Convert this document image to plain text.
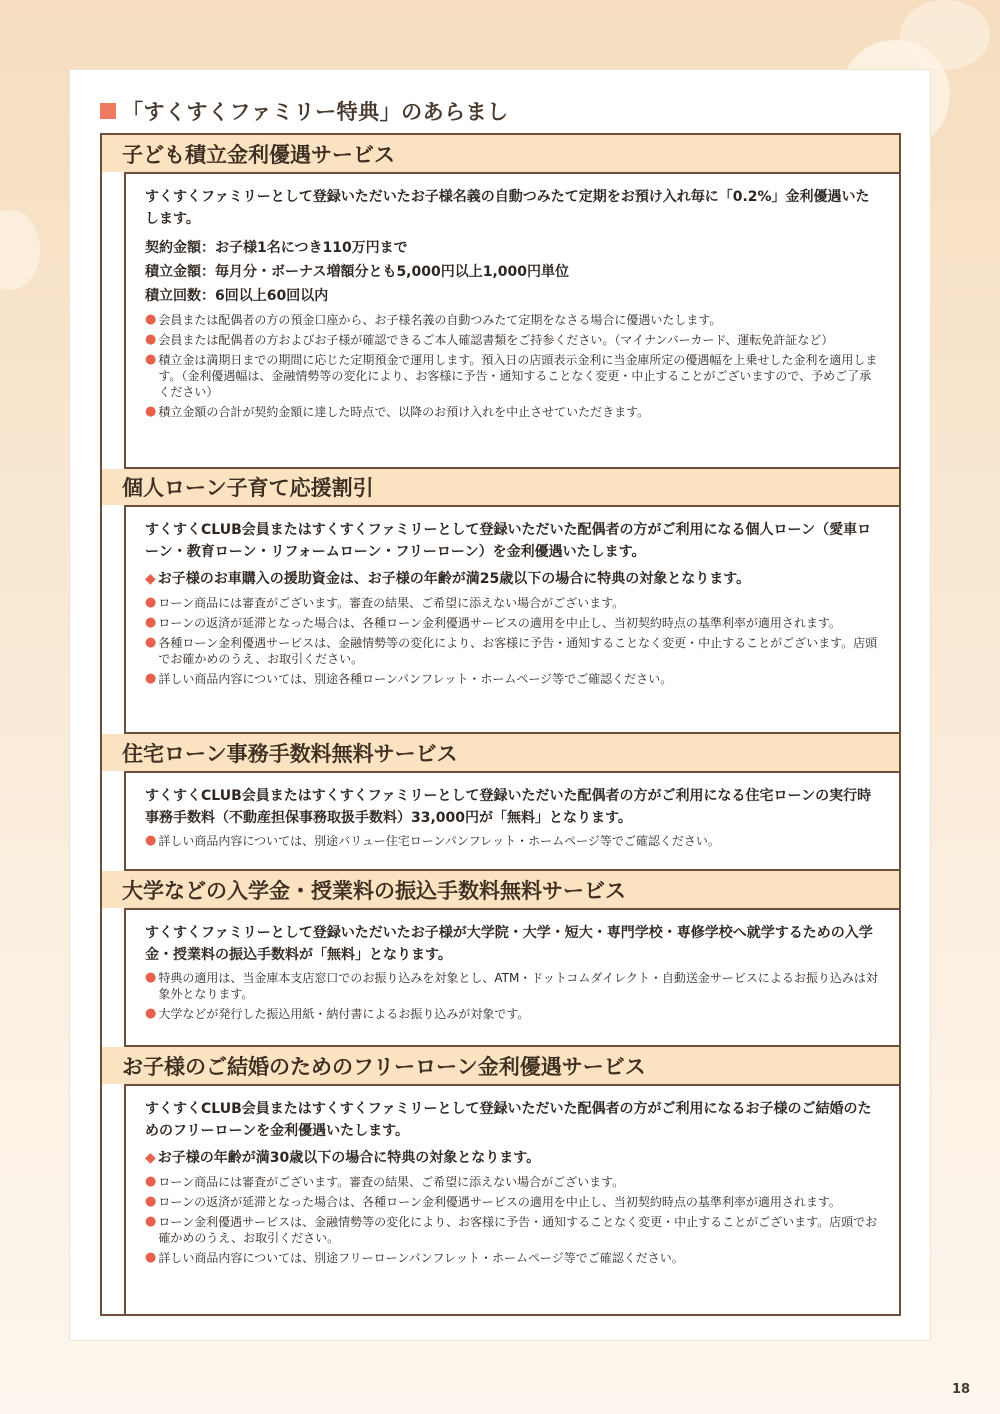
「すくすくファミリー特典」のあらまし
子ども積立金利優遇サービス
すくすくファミリーとして登録いただいたお子様名義の自動つみたて定期をお預け入れ毎に「0.2%」金利優遇いたします。
契約金額：お子様1名につき110万円まで
積立金額：毎月分・ボーナス増額分とも5,000円以上1,000円単位
積立回数：6回以上60回以内
● 会員または配偶者の方の預金口座から、お子様名義の自動つみたて定期をなさる場合に優遇いたします。
● 会員または配偶者の方およびお子様が確認できるご本人確認書類をご持参ください。（マイナンバーカード、運転免許証など）
● 積立金は満期日までの期間に応じた定期預金で運用します。預入日の店頭表示金利に当金庫所定の優遇幅を上乗せした金利を適用します。（金利優遇幅は、金融情勢等の変化により、お客様に予告・通知することなく変更・中止することがございますので、予めご了承ください）
● 積立金額の合計が契約金額に達した時点で、以降のお預け入れを中止させていただきます。
個人ローン子育て応援割引
すくすくCLUB会員またはすくすくファミリーとして登録いただいた配偶者の方がご利用になる個人ローン（愛車ローン・教育ローン・リフォームローン・フリーローン）を金利優遇いたします。
◆ お子様のお車購入の援助資金は、お子様の年齢が満25歳以下の場合に特典の対象となります。
● ローン商品には審査がございます。審査の結果、ご希望に添えない場合がございます。
● ローンの返済が延滞となった場合は、各種ローン金利優遇サービスの適用を中止し、当初契約時点の基準利率が適用されます。
● 各種ローン金利優遇サービスは、金融情勢等の変化により、お客様に予告・通知することなく変更・中止することがございます。店頭でお確かめのうえ、お取引ください。
● 詳しい商品内容については、別途各種ローンパンフレット・ホームページ等でご確認ください。
住宅ローン事務手数料無料サービス
すくすくCLUB会員またはすくすくファミリーとして登録いただいた配偶者の方がご利用になる住宅ローンの実行時事務手数料（不動産担保事務取扱手数料）33,000円が「無料」となります。
● 詳しい商品内容については、別途バリュー住宅ローンパンフレット・ホームページ等でご確認ください。
大学などの入学金・授業料の振込手数料無料サービス
すくすくファミリーとして登録いただいたお子様が大学院・大学・短大・専門学校・専修学校へ就学するための入学金・授業料の振込手数料が「無料」となります。
● 特典の適用は、当金庫本支店窓口でのお振り込みを対象とし、ATM・ドットコムダイレクト・自動送金サービスによるお振り込みは対象外となります。
● 大学などが発行した振込用紙・納付書によるお振り込みが対象です。
お子様のご結婚のためのフリーローン金利優遇サービス
すくすくCLUB会員またはすくすくファミリーとして登録いただいた配偶者の方がご利用になるお子様のご結婚のためのフリーローンを金利優遇いたします。
◆ お子様の年齢が満30歳以下の場合に特典の対象となります。
● ローン商品には審査がございます。審査の結果、ご希望に添えない場合がございます。
● ローンの返済が延滞となった場合は、各種ローン金利優遇サービスの適用を中止し、当初契約時点の基準利率が適用されます。
● ローン金利優遇サービスは、金融情勢等の変化により、お客様に予告・通知することなく変更・中止することがございます。店頭でお確かめのうえ、お取引ください。
● 詳しい商品内容については、別途フリーローンパンフレット・ホームページ等でご確認ください。
18
